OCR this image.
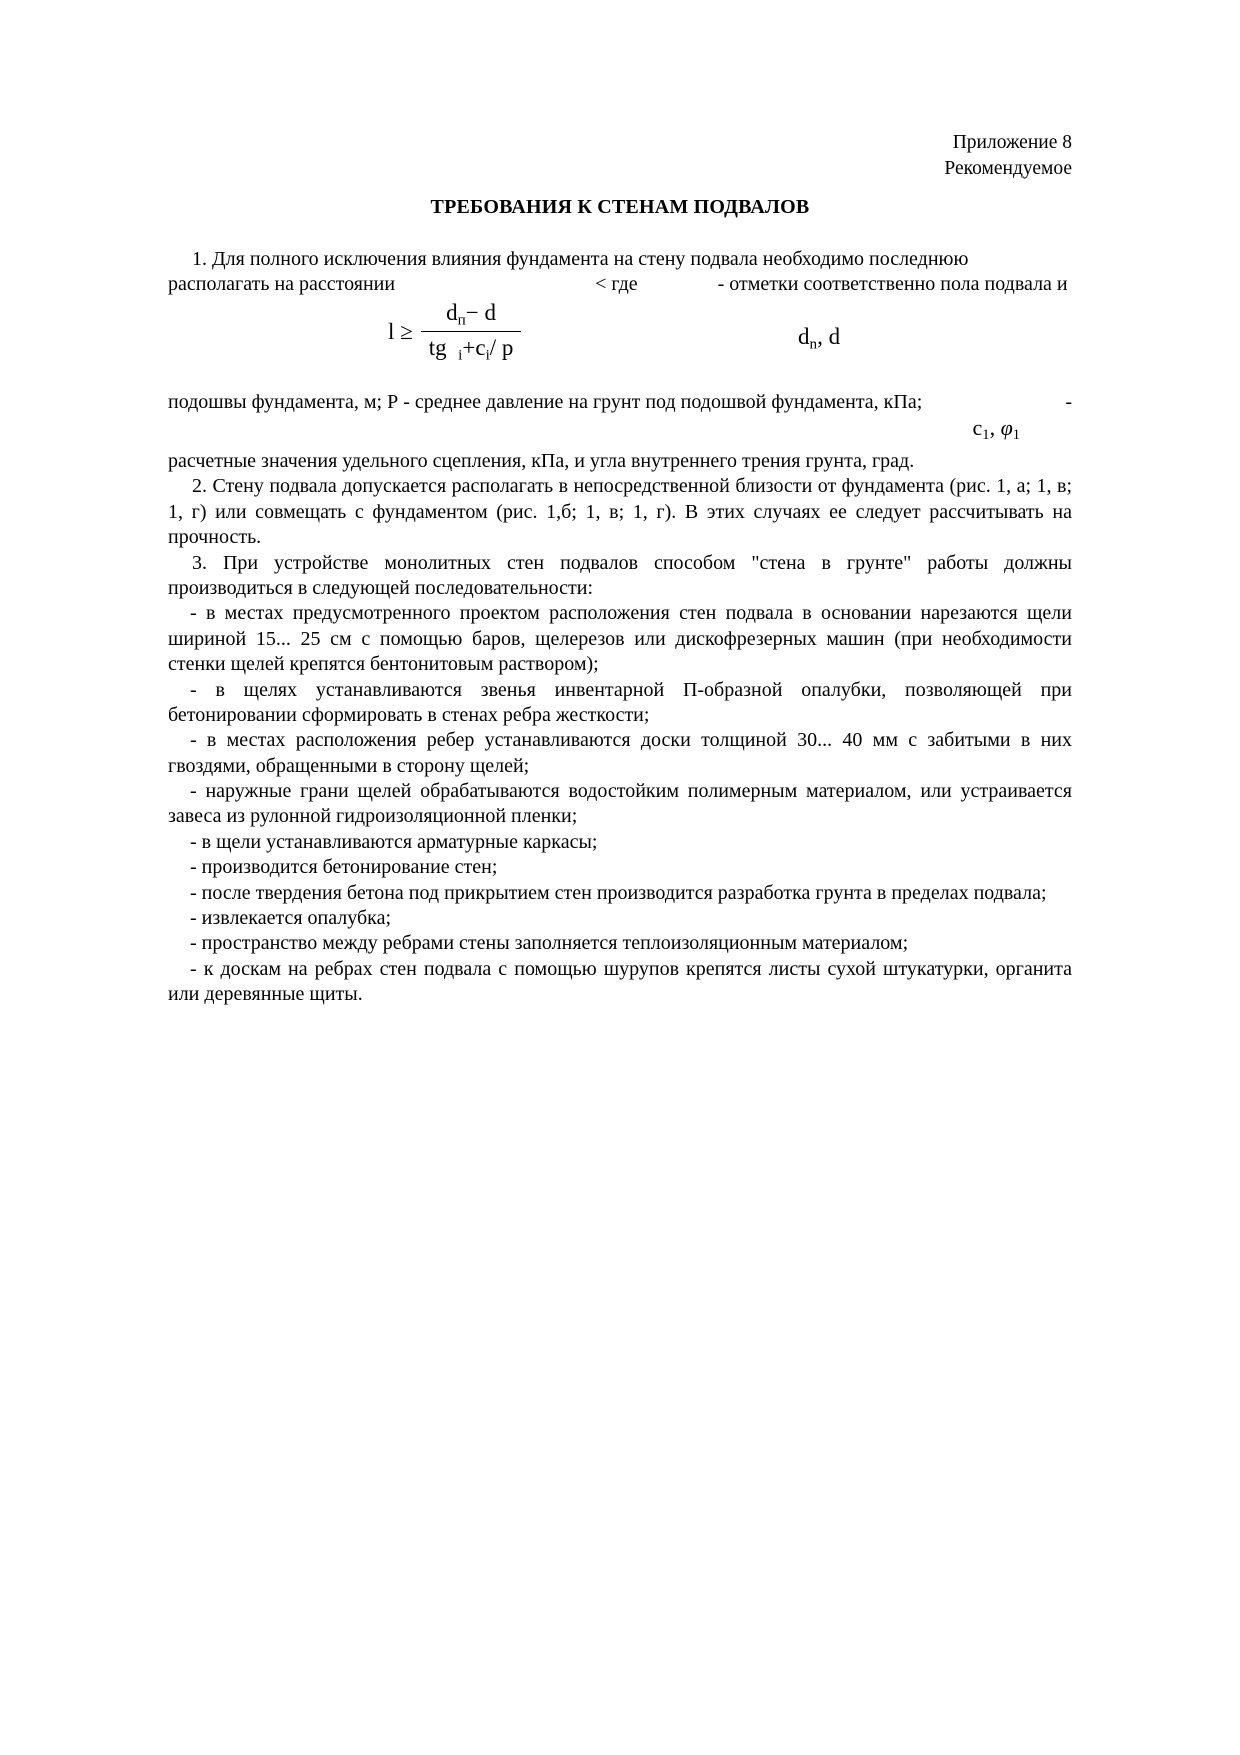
Приложение 8
Рекомендуемое
ТРЕБОВАНИЯ К СТЕНАМ ПОДВАЛОВ

1. Для полного исключения влияния фундамента на стену подвала необходимо последнюю

располагать на расстоянии	< где	- отметки соответственно пола подвала и
$l \ge \frac{d_п- d}{tg _i+c_i/ p}$	$d_n$, d

подошвы фундамента, м; Р - среднее давление на грунт под подошвой фундамента, кПа;	-

$c_1$, $\varphi_1$

расчетные значения удельного сцепления, кПа, и угла внутреннего трения грунта, град.

2. Стену подвала допускается располагать в непосредственной близости от фундамента (рис. 1, а; 1, в; 1, г) или совмещать с фундаментом (рис. 1,б; 1, в; 1, г). В этих случаях ее следует рассчитывать на прочность.

3. При устройстве монолитных стен подвалов способом "стена в грунте" работы должны производиться в следующей последовательности:

- в местах предусмотренного проектом расположения стен подвала в основании нарезаются щели шириной 15... 25 см с помощью баров, щелерезов или дискофрезерных машин (при необходимости стенки щелей крепятся бентонитовым раствором);

- в щелях устанавливаются звенья инвентарной П-образной опалубки, позволяющей при бетонировании сформировать в стенах ребра жесткости;

- в местах расположения ребер устанавливаются доски толщиной 30... 40 мм с забитыми в них гвоздями, обращенными в сторону щелей;

- наружные грани щелей обрабатываются водостойким полимерным материалом, или устраивается завеса из рулонной гидроизоляционной пленки;

- в щели устанавливаются арматурные каркасы;

- производится бетонирование стен;

- после твердения бетона под прикрытием стен производится разработка грунта в пределах подвала;

- извлекается опалубка;

- пространство между ребрами стены заполняется теплоизоляционным материалом;

- к доскам на ребрах стен подвала с помощью шурупов крепятся листы сухой штукатурки, органита или деревянные щиты.
